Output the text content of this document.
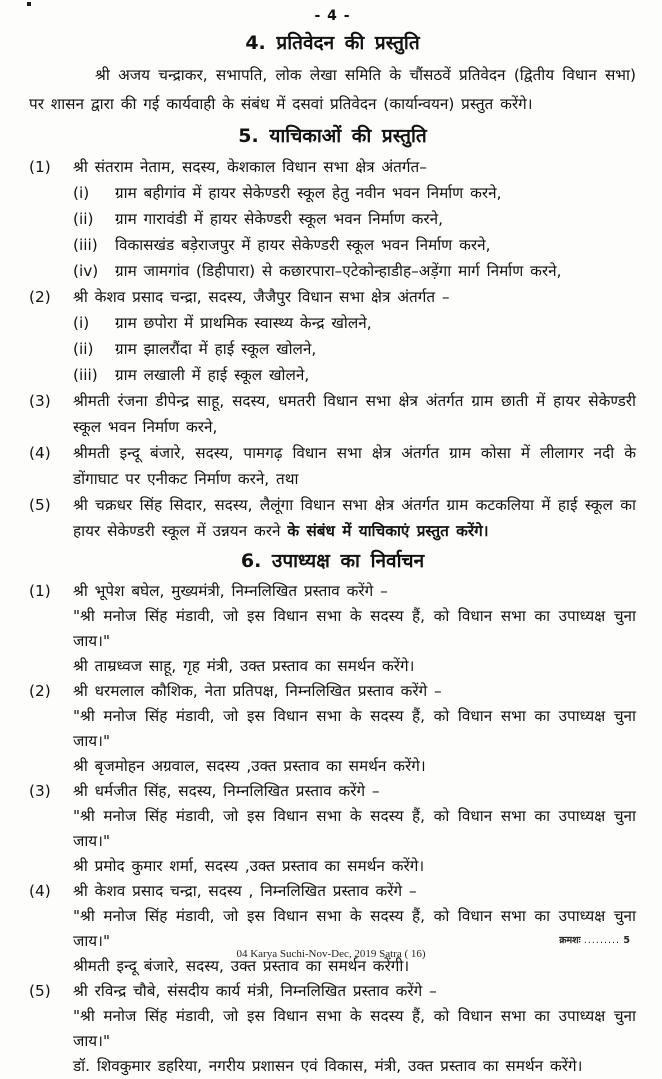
- 4 -
4. प्रतिवेदन की प्रस्तुति

श्री अजय चन्द्राकर, सभापति, लोक लेखा समिति के चौंसठवें प्रतिवेदन (द्वितीय विधान सभा) पर शासन द्वारा की गई कार्यवाही के संबंध में दसवां प्रतिवेदन (कार्यान्वयन) प्रस्तुत करेंगे।

5. याचिकाओं की प्रस्तुति
(1)	श्री संतराम नेताम, सदस्य, केशकाल विधान सभा क्षेत्र अंतर्गत–
(i)	ग्राम बहीगांव में हायर सेकेण्डरी स्कूल हेतु नवीन भवन निर्माण करने,
(ii)	ग्राम गारावंडी में हायर सेकेण्डरी स्कूल भवन निर्माण करने,
(iii)	विकासखंड बड़ेराजपुर में हायर सेकेण्डरी स्कूल भवन निर्माण करने,
(iv)	ग्राम जामगांव (डिहीपारा) से कछारपारा–एटेकोन्हाडीह–अड़ेंगा मार्ग निर्माण करने,
(2)	श्री केशव प्रसाद चन्द्रा, सदस्य, जैजैपुर विधान सभा क्षेत्र अंतर्गत –
(i)	ग्राम छपोरा में प्राथमिक स्वास्थ्य केन्द्र खोलने,
(ii)	ग्राम झालरौंदा में हाई स्कूल खोलने,
(iii)	ग्राम लखाली में हाई स्कूल खोलने,
(3)	श्रीमती रंजना डीपेन्द्र साहू, सदस्य, धमतरी विधान सभा क्षेत्र अंतर्गत ग्राम छाती में हायर सेकेण्डरी स्कूल भवन निर्माण करने,
(4)	श्रीमती इन्दू बंजारे, सदस्य, पामगढ़ विधान सभा क्षेत्र अंतर्गत ग्राम कोसा में लीलागर नदी के डोंगाघाट पर एनीकट निर्माण करने, तथा
(5)	श्री चक्रधर सिंह सिदार, सदस्य, लैलूंगा विधान सभा क्षेत्र अंतर्गत ग्राम कटकलिया में हाई स्कूल का हायर सेकेण्डरी स्कूल में उन्नयन करने के संबंध में याचिकाएं प्रस्तुत करेंगे।
6. उपाध्यक्ष का निर्वाचन
(1)	श्री भूपेश बघेल, मुख्यमंत्री, निम्नलिखित प्रस्ताव करेंगे –
"श्री मनोज सिंह मंडावी, जो इस विधान सभा के सदस्य हैं, को विधान सभा का उपाध्यक्ष चुना जाय।"
श्री ताम्रध्वज साहू, गृह मंत्री, उक्त प्रस्ताव का समर्थन करेंगे।
(2)	श्री धरमलाल कौशिक, नेता प्रतिपक्ष, निम्नलिखित प्रस्ताव करेंगे –
"श्री मनोज सिंह मंडावी, जो इस विधान सभा के सदस्य हैं, को विधान सभा का उपाध्यक्ष चुना जाय।"
श्री बृजमोहन अग्रवाल, सदस्य ,उक्त प्रस्ताव का समर्थन करेंगे।
(3)	श्री धर्मजीत सिंह, सदस्य, निम्नलिखित प्रस्ताव करेंगे –
"श्री मनोज सिंह मंडावी, जो इस विधान सभा के सदस्य हैं, को विधान सभा का उपाध्यक्ष चुना जाय।"
श्री प्रमोद कुमार शर्मा, सदस्य ,उक्त प्रस्ताव का समर्थन करेंगे।
(4)	श्री केशव प्रसाद चन्द्रा, सदस्य , निम्नलिखित प्रस्ताव करेंगे –
"श्री मनोज सिंह मंडावी, जो इस विधान सभा के सदस्य हैं, को विधान सभा का उपाध्यक्ष चुना जाय।"
श्रीमती इन्दू बंजारे, सदस्य, उक्त प्रस्ताव का समर्थन करेंगी।
(5)	श्री रविन्द्र चौबे, संसदीय कार्य मंत्री, निम्नलिखित प्रस्ताव करेंगे –
"श्री मनोज सिंह मंडावी, जो इस विधान सभा के सदस्य हैं, को विधान सभा का उपाध्यक्ष चुना जाय।"
डॉ. शिवकुमार डहरिया, नगरीय प्रशासन एवं विकास, मंत्री, उक्त प्रस्ताव का समर्थन करेंगे।
क्रमशः ......... 5
04 Karya Suchi-Nov-Dec, 2019 Satra ( 16)
